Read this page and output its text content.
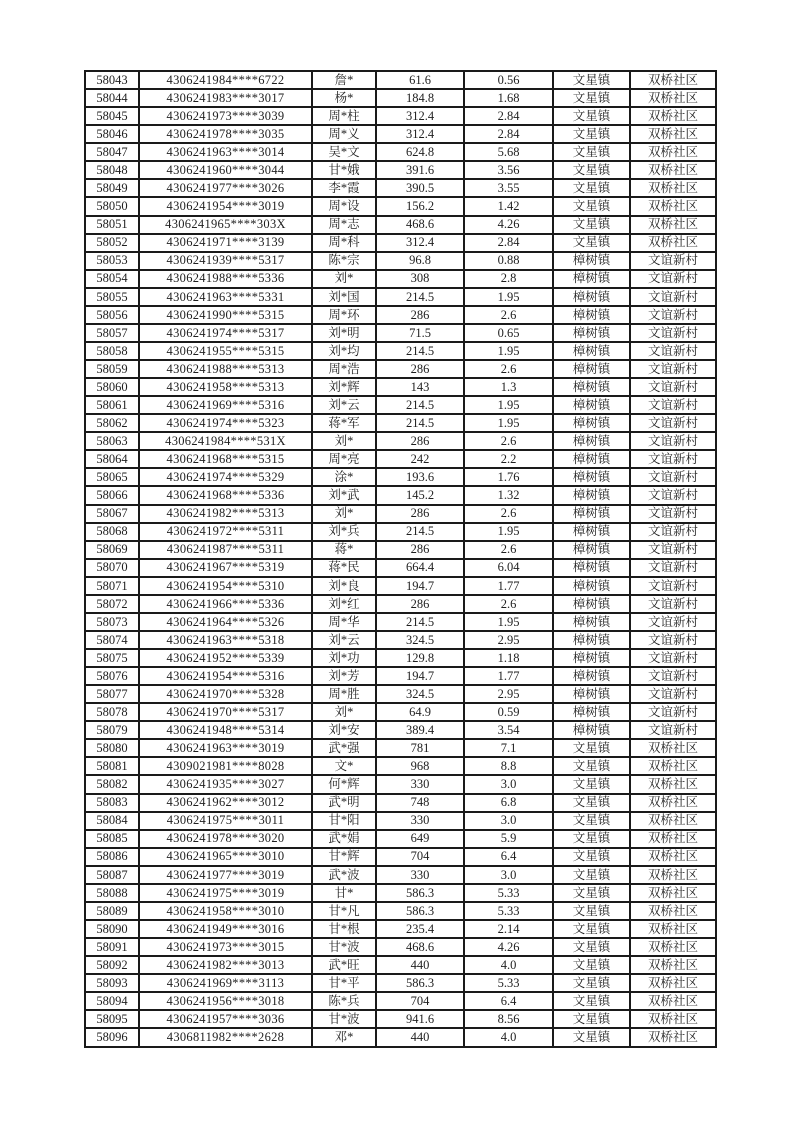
58043	4306241984****6722	詹*	61.6	0.56	文星镇	双桥社区
58044	4306241983****3017	杨*	184.8	1.68	文星镇	双桥社区
58045	4306241973****3039	周*柱	312.4	2.84	文星镇	双桥社区
58046	4306241978****3035	周*义	312.4	2.84	文星镇	双桥社区
58047	4306241963****3014	吴*文	624.8	5.68	文星镇	双桥社区
58048	4306241960****3044	甘*娥	391.6	3.56	文星镇	双桥社区
58049	4306241977****3026	李*霞	390.5	3.55	文星镇	双桥社区
58050	4306241954****3019	周*设	156.2	1.42	文星镇	双桥社区
58051	4306241965****303X	周*志	468.6	4.26	文星镇	双桥社区
58052	4306241971****3139	周*科	312.4	2.84	文星镇	双桥社区
58053	4306241939****5317	陈*宗	96.8	0.88	樟树镇	文谊新村
58054	4306241988****5336	刘*	308	2.8	樟树镇	文谊新村
58055	4306241963****5331	刘*国	214.5	1.95	樟树镇	文谊新村
58056	4306241990****5315	周*环	286	2.6	樟树镇	文谊新村
58057	4306241974****5317	刘*明	71.5	0.65	樟树镇	文谊新村
58058	4306241955****5315	刘*均	214.5	1.95	樟树镇	文谊新村
58059	4306241988****5313	周*浩	286	2.6	樟树镇	文谊新村
58060	4306241958****5313	刘*辉	143	1.3	樟树镇	文谊新村
58061	4306241969****5316	刘*云	214.5	1.95	樟树镇	文谊新村
58062	4306241974****5323	蒋*军	214.5	1.95	樟树镇	文谊新村
58063	4306241984****531X	刘*	286	2.6	樟树镇	文谊新村
58064	4306241968****5315	周*亮	242	2.2	樟树镇	文谊新村
58065	4306241974****5329	涂*	193.6	1.76	樟树镇	文谊新村
58066	4306241968****5336	刘*武	145.2	1.32	樟树镇	文谊新村
58067	4306241982****5313	刘*	286	2.6	樟树镇	文谊新村
58068	4306241972****5311	刘*兵	214.5	1.95	樟树镇	文谊新村
58069	4306241987****5311	蒋*	286	2.6	樟树镇	文谊新村
58070	4306241967****5319	蒋*民	664.4	6.04	樟树镇	文谊新村
58071	4306241954****5310	刘*良	194.7	1.77	樟树镇	文谊新村
58072	4306241966****5336	刘*红	286	2.6	樟树镇	文谊新村
58073	4306241964****5326	周*华	214.5	1.95	樟树镇	文谊新村
58074	4306241963****5318	刘*云	324.5	2.95	樟树镇	文谊新村
58075	4306241952****5339	刘*功	129.8	1.18	樟树镇	文谊新村
58076	4306241954****5316	刘*芳	194.7	1.77	樟树镇	文谊新村
58077	4306241970****5328	周*胜	324.5	2.95	樟树镇	文谊新村
58078	4306241970****5317	刘*	64.9	0.59	樟树镇	文谊新村
58079	4306241948****5314	刘*安	389.4	3.54	樟树镇	文谊新村
58080	4306241963****3019	武*强	781	7.1	文星镇	双桥社区
58081	4309021981****8028	文*	968	8.8	文星镇	双桥社区
58082	4306241935****3027	何*辉	330	3.0	文星镇	双桥社区
58083	4306241962****3012	武*明	748	6.8	文星镇	双桥社区
58084	4306241975****3011	甘*阳	330	3.0	文星镇	双桥社区
58085	4306241978****3020	武*娟	649	5.9	文星镇	双桥社区
58086	4306241965****3010	甘*辉	704	6.4	文星镇	双桥社区
58087	4306241977****3019	武*波	330	3.0	文星镇	双桥社区
58088	4306241975****3019	甘*	586.3	5.33	文星镇	双桥社区
58089	4306241958****3010	甘*凡	586.3	5.33	文星镇	双桥社区
58090	4306241949****3016	甘*根	235.4	2.14	文星镇	双桥社区
58091	4306241973****3015	甘*波	468.6	4.26	文星镇	双桥社区
58092	4306241982****3013	武*旺	440	4.0	文星镇	双桥社区
58093	4306241969****3113	甘*平	586.3	5.33	文星镇	双桥社区
58094	4306241956****3018	陈*兵	704	6.4	文星镇	双桥社区
58095	4306241957****3036	甘*波	941.6	8.56	文星镇	双桥社区
58096	4306811982****2628	邓*	440	4.0	文星镇	双桥社区
